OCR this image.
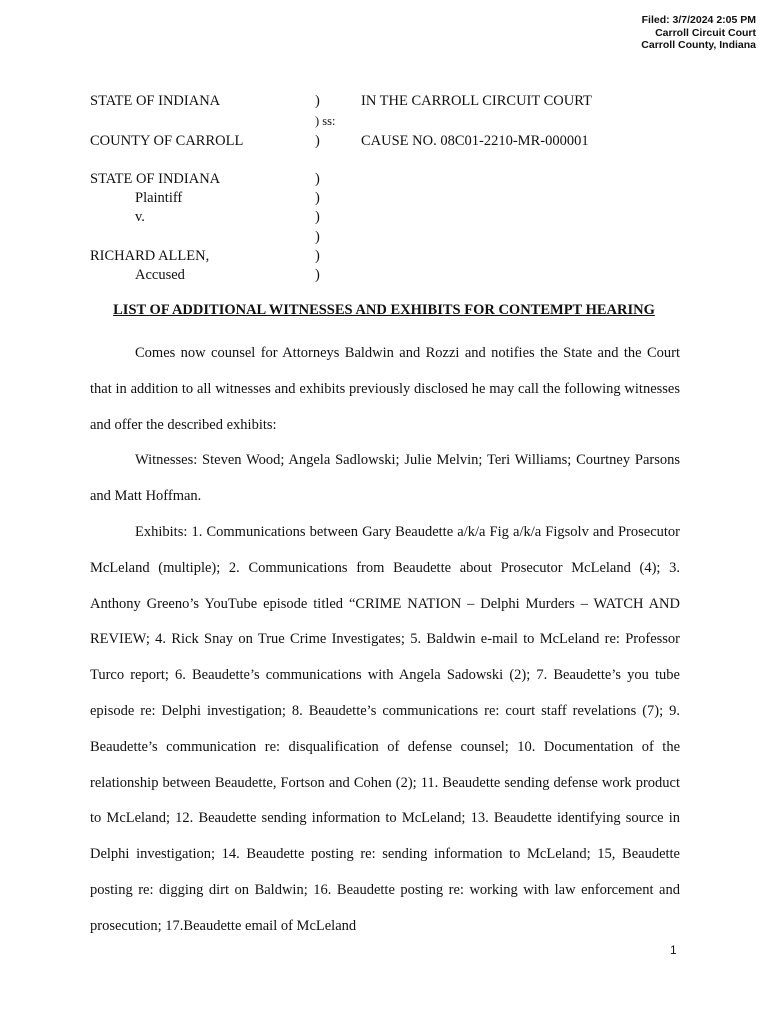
Filed: 3/7/2024 2:05 PM
Carroll Circuit Court
Carroll County, Indiana
STATE OF INDIANA	)	IN THE CARROLL CIRCUIT COURT
) ss:
COUNTY OF CARROLL	)	CAUSE NO. 08C01-2210-MR-000001
STATE OF INDIANA	)
Plaintiff	)
v.	)
)
RICHARD ALLEN,	)
Accused	)
LIST OF ADDITIONAL WITNESSES AND EXHIBITS FOR CONTEMPT HEARING

Comes now counsel for Attorneys Baldwin and Rozzi and notifies the State and the Court that in addition to all witnesses and exhibits previously disclosed he may call the following witnesses and offer the described exhibits:

Witnesses: Steven Wood; Angela Sadlowski; Julie Melvin; Teri Williams; Courtney Parsons and Matt Hoffman.

Exhibits: 1. Communications between Gary Beaudette a/k/a Fig a/k/a Figsolv and Prosecutor McLeland (multiple); 2. Communications from Beaudette about Prosecutor McLeland (4); 3. Anthony Greeno’s YouTube episode titled “CRIME NATION – Delphi Murders – WATCH AND REVIEW; 4. Rick Snay on True Crime Investigates; 5. Baldwin e-mail to McLeland re: Professor Turco report; 6. Beaudette’s communications with Angela Sadowski (2); 7. Beaudette’s you tube episode re: Delphi investigation; 8. Beaudette’s communications re: court staff revelations (7); 9. Beaudette’s communication re: disqualification of defense counsel; 10. Documentation of the relationship between Beaudette, Fortson and Cohen (2); 11. Beaudette sending defense work product to McLeland; 12. Beaudette sending information to McLeland; 13. Beaudette identifying source in Delphi investigation; 14. Beaudette posting re: sending information to McLeland; 15, Beaudette posting re: digging dirt on Baldwin; 16. Beaudette posting re: working with law enforcement and prosecution; 17.Beaudette email of McLeland

1
